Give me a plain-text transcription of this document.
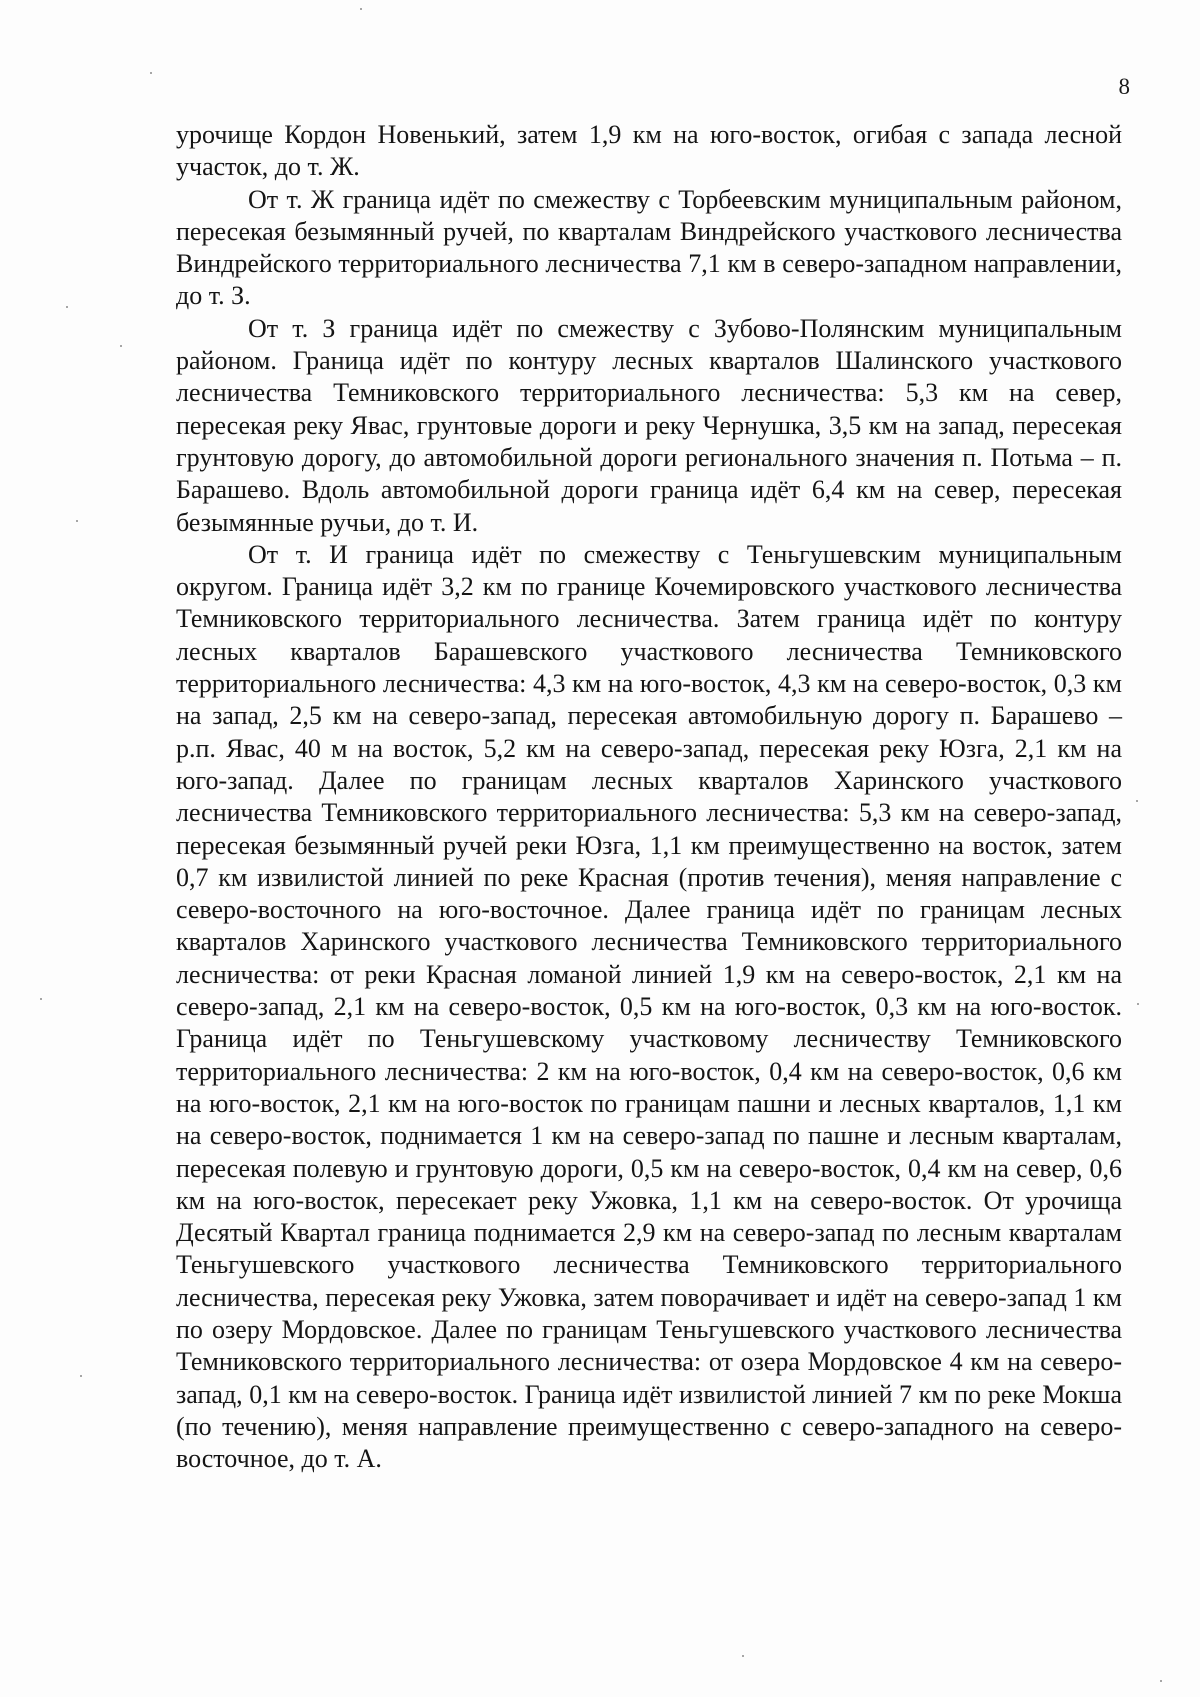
8

урочище Кордон Новенький, затем 1,9 км на юго-восток, огибая с запада лесной участок, до т. Ж.

От т. Ж граница идёт по смежеству с Торбеевским муниципальным районом, пересекая безымянный ручей, по кварталам Виндрейского участкового лесничества Виндрейского территориального лесничества 7,1 км в северо-западном направлении, до т. З.

От т. З граница идёт по смежеству с Зубово-Полянским муниципальным районом. Граница идёт по контуру лесных кварталов Шалинского участкового лесничества Темниковского территориального лесничества: 5,3 км на север, пересекая реку Явас, грунтовые дороги и реку Чернушка, 3,5 км на запад, пересекая грунтовую дорогу, до автомобильной дороги регионального значения п. Потьма – п. Барашево. Вдоль автомобильной дороги граница идёт 6,4 км на север, пересекая безымянные ручьи, до т. И.

От т. И граница идёт по смежеству с Теньгушевским муниципальным округом. Граница идёт 3,2 км по границе Кочемировского участкового лесничества Темниковского территориального лесничества. Затем граница идёт по контуру лесных кварталов Барашевского участкового лесничества Темниковского территориального лесничества: 4,3 км на юго-восток, 4,3 км на северо-восток, 0,3 км на запад, 2,5 км на северо-запад, пересекая автомобильную дорогу п. Барашево – р.п. Явас, 40 м на восток, 5,2 км на северо-запад, пересекая реку Юзга, 2,1 км на юго-запад. Далее по границам лесных кварталов Харинского участкового лесничества Темниковского территориального лесничества: 5,3 км на северо-запад, пересекая безымянный ручей реки Юзга, 1,1 км преимущественно на восток, затем 0,7 км извилистой линией по реке Красная (против течения), меняя направление с северо-восточного на юго-восточное. Далее граница идёт по границам лесных кварталов Харинского участкового лесничества Темниковского территориального лесничества: от реки Красная ломаной линией 1,9 км на северо-восток, 2,1 км на северо-запад, 2,1 км на северо-восток, 0,5 км на юго-восток, 0,3 км на юго-восток. Граница идёт по Теньгушевскому участковому лесничеству Темниковского территориального лесничества: 2 км на юго-восток, 0,4 км на северо-восток, 0,6 км на юго-восток, 2,1 км на юго-восток по границам пашни и лесных кварталов, 1,1 км на северо-восток, поднимается 1 км на северо-запад по пашне и лесным кварталам, пересекая полевую и грунтовую дороги, 0,5 км на северо-восток, 0,4 км на север, 0,6 км на юго-восток, пересекает реку Ужовка, 1,1 км на северо-восток. От урочища Десятый Квартал граница поднимается 2,9 км на северо-запад по лесным кварталам Теньгушевского участкового лесничества Темниковского территориального лесничества, пересекая реку Ужовка, затем поворачивает и идёт на северо-запад 1 км по озеру Мордовское. Далее по границам Теньгушевского участкового лесничества Темниковского территориального лесничества: от озера Мордовское 4 км на северо-запад, 0,1 км на северо-восток. Граница идёт извилистой линией 7 км по реке Мокша (по течению), меняя направление преимущественно с северо-западного на северо-восточное, до т. А.
